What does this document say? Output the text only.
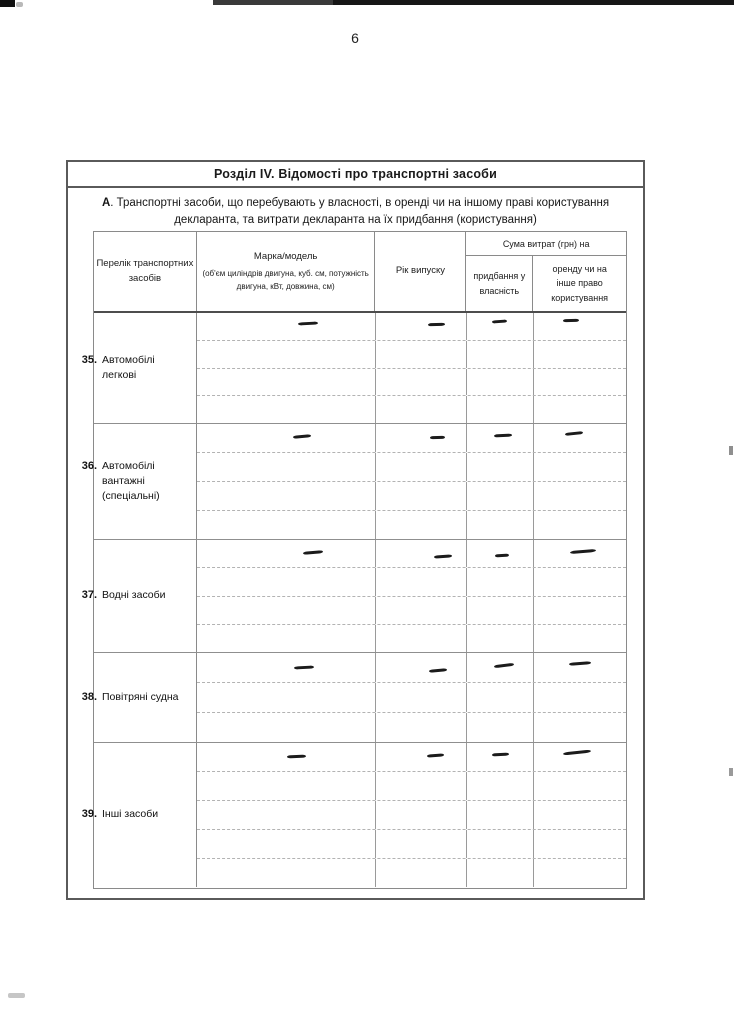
6
Розділ IV. Відомості про транспортні засоби
А. Транспортні засоби, що перебувають у власності, в оренді чи на іншому праві користування декларанта, та витрати декларанта на їх придбання (користування)
Перелік транспортних засобів
Марка/модель
(об'єм циліндрів двигуна, куб. см, потужність двигуна, кВт, довжина, см)
Рік випуску
Сума витрат (грн) на
придбання у власність
оренду чи на інше право користування
35. Автомобілі легкові
36. Автомобілі вантажні (спеціальні)
37. Водні засоби
38. Повітряні судна
39. Інші засоби
